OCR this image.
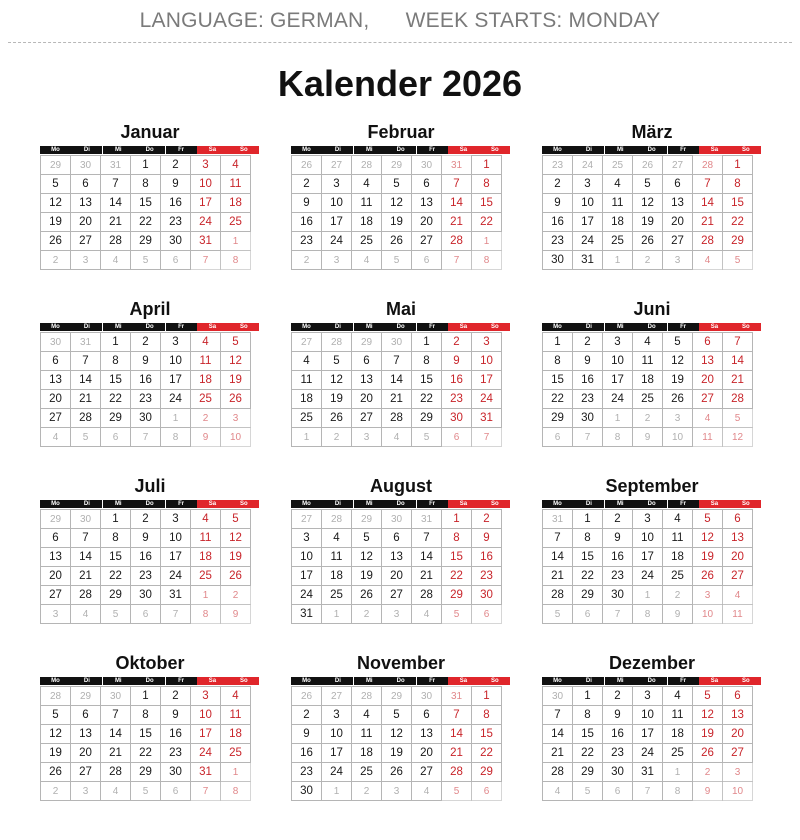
LANGUAGE: GERMAN, WEEK STARTS: MONDAY
Kalender 2026
Januar
Mo	Di	Mi	Do	Fr	Sa	So
29	30	31	1	2	3	4
5	6	7	8	9	10	11
12	13	14	15	16	17	18
19	20	21	22	23	24	25
26	27	28	29	30	31	1
2	3	4	5	6	7	8
Februar
Mo	Di	Mi	Do	Fr	Sa	So
26	27	28	29	30	31	1
2	3	4	5	6	7	8
9	10	11	12	13	14	15
16	17	18	19	20	21	22
23	24	25	26	27	28	1
2	3	4	5	6	7	8
März
Mo	Di	Mi	Do	Fr	Sa	So
23	24	25	26	27	28	1
2	3	4	5	6	7	8
9	10	11	12	13	14	15
16	17	18	19	20	21	22
23	24	25	26	27	28	29
30	31	1	2	3	4	5
April
Mo	Di	Mi	Do	Fr	Sa	So
30	31	1	2	3	4	5
6	7	8	9	10	11	12
13	14	15	16	17	18	19
20	21	22	23	24	25	26
27	28	29	30	1	2	3
4	5	6	7	8	9	10
Mai
Mo	Di	Mi	Do	Fr	Sa	So
27	28	29	30	1	2	3
4	5	6	7	8	9	10
11	12	13	14	15	16	17
18	19	20	21	22	23	24
25	26	27	28	29	30	31
1	2	3	4	5	6	7
Juni
Mo	Di	Mi	Do	Fr	Sa	So
1	2	3	4	5	6	7
8	9	10	11	12	13	14
15	16	17	18	19	20	21
22	23	24	25	26	27	28
29	30	1	2	3	4	5
6	7	8	9	10	11	12
Juli
Mo	Di	Mi	Do	Fr	Sa	So
29	30	1	2	3	4	5
6	7	8	9	10	11	12
13	14	15	16	17	18	19
20	21	22	23	24	25	26
27	28	29	30	31	1	2
3	4	5	6	7	8	9
August
Mo	Di	Mi	Do	Fr	Sa	So
27	28	29	30	31	1	2
3	4	5	6	7	8	9
10	11	12	13	14	15	16
17	18	19	20	21	22	23
24	25	26	27	28	29	30
31	1	2	3	4	5	6
September
Mo	Di	Mi	Do	Fr	Sa	So
31	1	2	3	4	5	6
7	8	9	10	11	12	13
14	15	16	17	18	19	20
21	22	23	24	25	26	27
28	29	30	1	2	3	4
5	6	7	8	9	10	11
Oktober
Mo	Di	Mi	Do	Fr	Sa	So
28	29	30	1	2	3	4
5	6	7	8	9	10	11
12	13	14	15	16	17	18
19	20	21	22	23	24	25
26	27	28	29	30	31	1
2	3	4	5	6	7	8
November
Mo	Di	Mi	Do	Fr	Sa	So
26	27	28	29	30	31	1
2	3	4	5	6	7	8
9	10	11	12	13	14	15
16	17	18	19	20	21	22
23	24	25	26	27	28	29
30	1	2	3	4	5	6
Dezember
Mo	Di	Mi	Do	Fr	Sa	So
30	1	2	3	4	5	6
7	8	9	10	11	12	13
14	15	16	17	18	19	20
21	22	23	24	25	26	27
28	29	30	31	1	2	3
4	5	6	7	8	9	10
